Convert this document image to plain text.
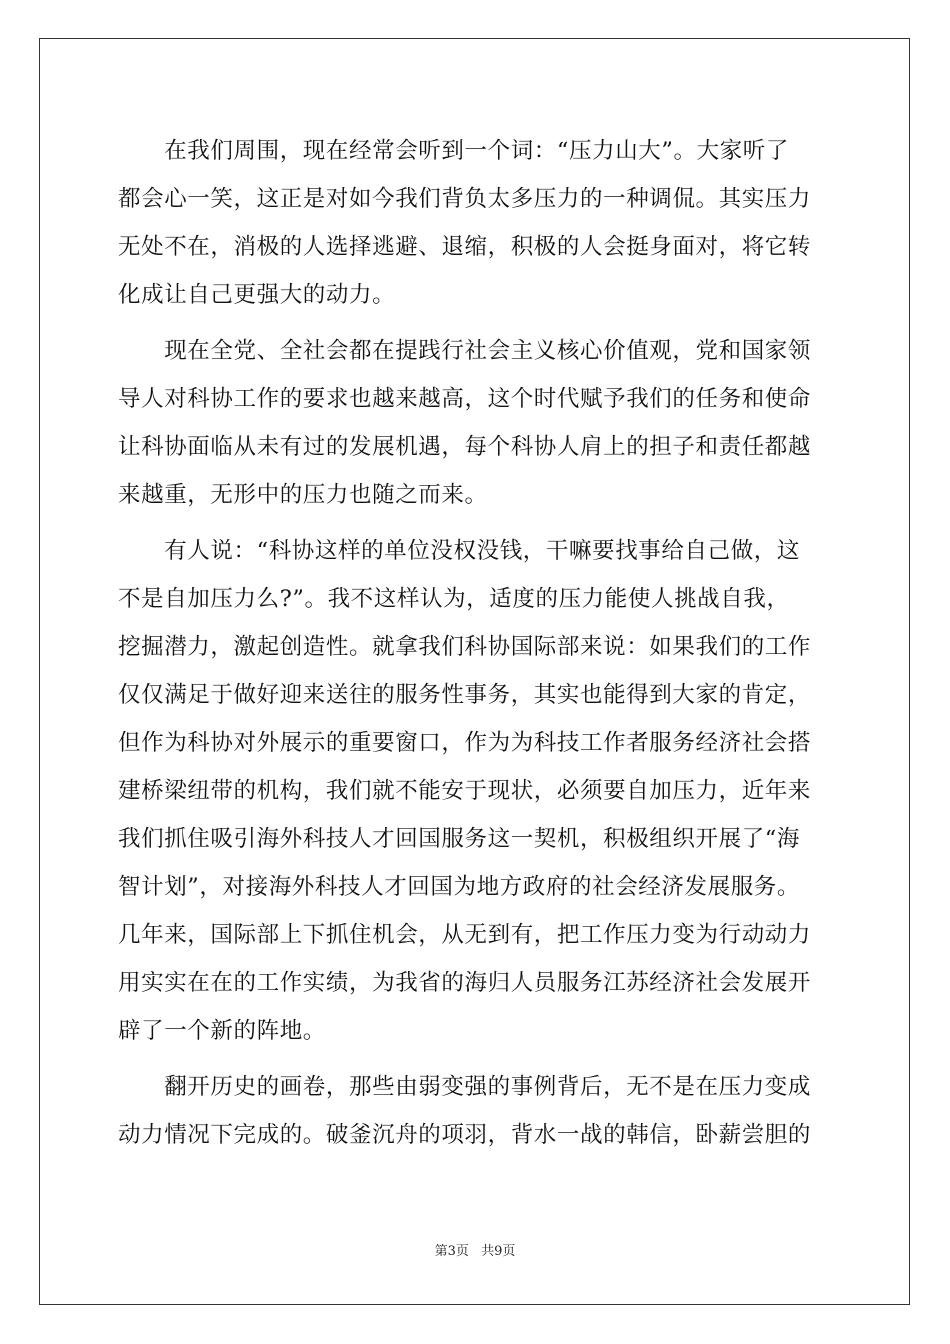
　　在我们周围，现在经常会听到一个词：“压力山大”。大家听了
都会心一笑，这正是对如今我们背负太多压力的一种调侃。其实压力
无处不在，消极的人选择逃避、退缩，积极的人会挺身面对，将它转
化成让自己更强大的动力。
　　现在全党、全社会都在提践行社会主义核心价值观，党和国家领
导人对科协工作的要求也越来越高，这个时代赋予我们的任务和使命
让科协面临从未有过的发展机遇，每个科协人肩上的担子和责任都越
来越重，无形中的压力也随之而来。
　　有人说：“科协这样的单位没权没钱，干嘛要找事给自己做，这
不是自加压力么?”。我不这样认为，适度的压力能使人挑战自我，
挖掘潜力，激起创造性。就拿我们科协国际部来说：如果我们的工作
仅仅满足于做好迎来送往的服务性事务，其实也能得到大家的肯定，
但作为科协对外展示的重要窗口，作为为科技工作者服务经济社会搭
建桥梁纽带的机构，我们就不能安于现状，必须要自加压力，近年来
我们抓住吸引海外科技人才回国服务这一契机，积极组织开展了“海
智计划”，对接海外科技人才回国为地方政府的社会经济发展服务。
几年来，国际部上下抓住机会，从无到有，把工作压力变为行动动力
用实实在在的工作实绩，为我省的海归人员服务江苏经济社会发展开
辟了一个新的阵地。
　　翻开历史的画卷，那些由弱变强的事例背后，无不是在压力变成
动力情况下完成的。破釜沉舟的项羽，背水一战的韩信，卧薪尝胆的
第3页 共9页
